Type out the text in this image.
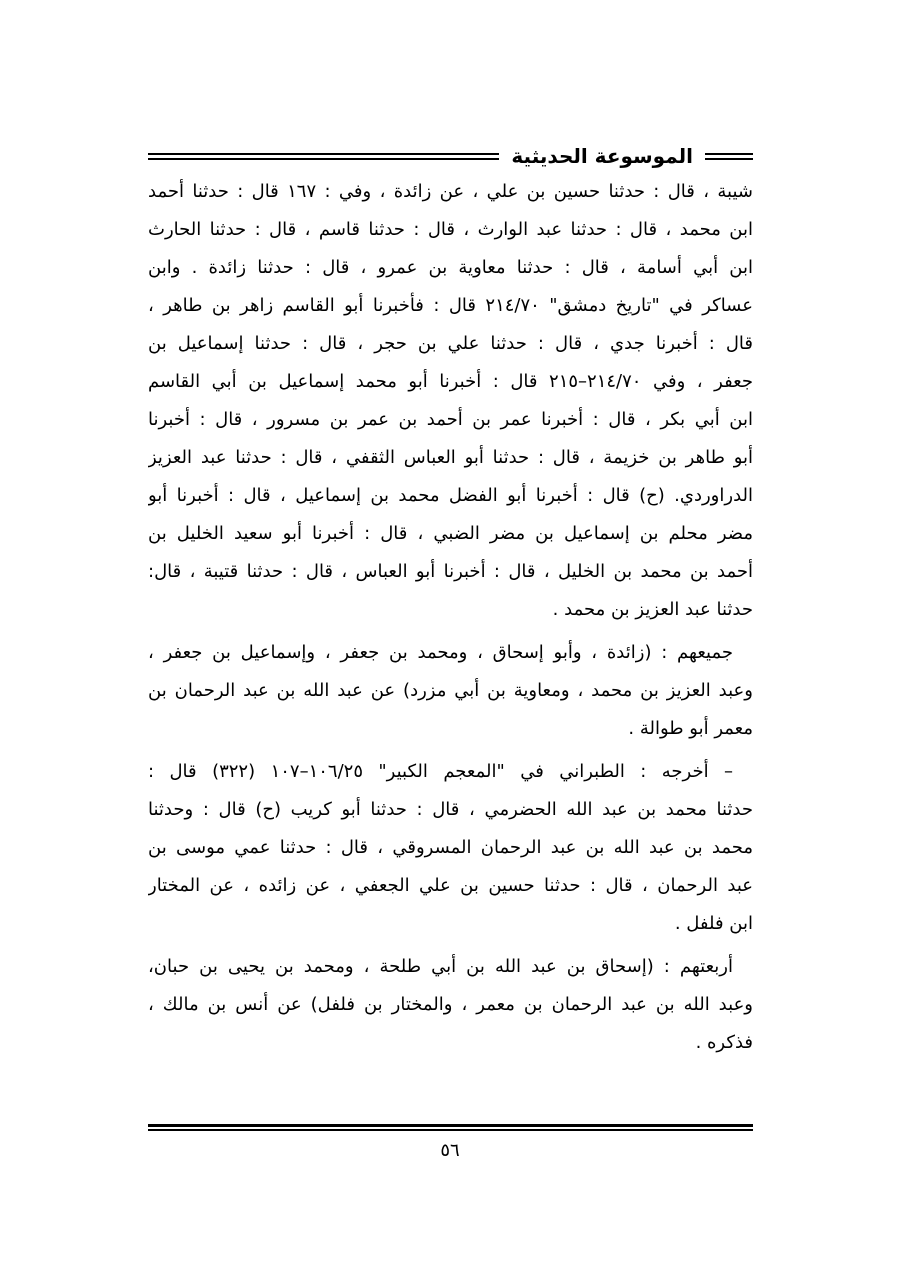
الموسوعة الحديثية
شيبة ، قال : حدثنا حسين بن علي ، عن زائدة ، وفي : ١٦٧ قال : حدثنا أحمد
ابن محمد ، قال : حدثنا عبد الوارث ، قال : حدثنا قاسم ، قال : حدثنا الحارث
ابن أبي أسامة ، قال : حدثنا معاوية بن عمرو ، قال : حدثنا زائدة . وابن
عساكر في "تاريخ دمشق" ٢١٤/٧٠ قال : فأخبرنا أبو القاسم زاهر بن طاهر ،
قال : أخبرنا جدي ، قال : حدثنا علي بن حجر ، قال : حدثنا إسماعيل بن
جعفر ، وفي ٢١٤/٧٠–٢١٥ قال : أخبرنا أبو محمد إسماعيل بن أبي القاسم
ابن أبي بكر ، قال : أخبرنا عمر بن أحمد بن عمر بن مسرور ، قال : أخبرنا
أبو طاهر بن خزيمة ، قال : حدثنا أبو العباس الثقفي ، قال : حدثنا عبد العزيز
الدراوردي. (ح) قال : أخبرنا أبو الفضل محمد بن إسماعيل ، قال : أخبرنا أبو
مضر محلم بن إسماعيل بن مضر الضبي ، قال : أخبرنا أبو سعيد الخليل بن
أحمد بن محمد بن الخليل ، قال : أخبرنا أبو العباس ، قال : حدثنا قتيبة ، قال:
حدثنا عبد العزيز بن محمد .
جميعهم : (زائدة ، وأبو إسحاق ، ومحمد بن جعفر ، وإسماعيل بن جعفر ،
وعبد العزيز بن محمد ، ومعاوية بن أبي مزرد) عن عبد الله بن عبد الرحمان بن
معمر أبو طوالة .
– أخرجه : الطبراني في "المعجم الكبير" ١٠٦/٢٥–١٠٧ (٣٢٢) قال :
حدثنا محمد بن عبد الله الحضرمي ، قال : حدثنا أبو كريب (ح) قال : وحدثنا
محمد بن عبد الله بن عبد الرحمان المسروقي ، قال : حدثنا عمي موسى بن
عبد الرحمان ، قال : حدثنا حسين بن علي الجعفي ، عن زائده ، عن المختار
ابن فلفل .
أربعتهم : (إسحاق بن عبد الله بن أبي طلحة ، ومحمد بن يحيى بن حبان،
وعبد الله بن عبد الرحمان بن معمر ، والمختار بن فلفل) عن أنس بن مالك ،
فذكره .
٥٦
